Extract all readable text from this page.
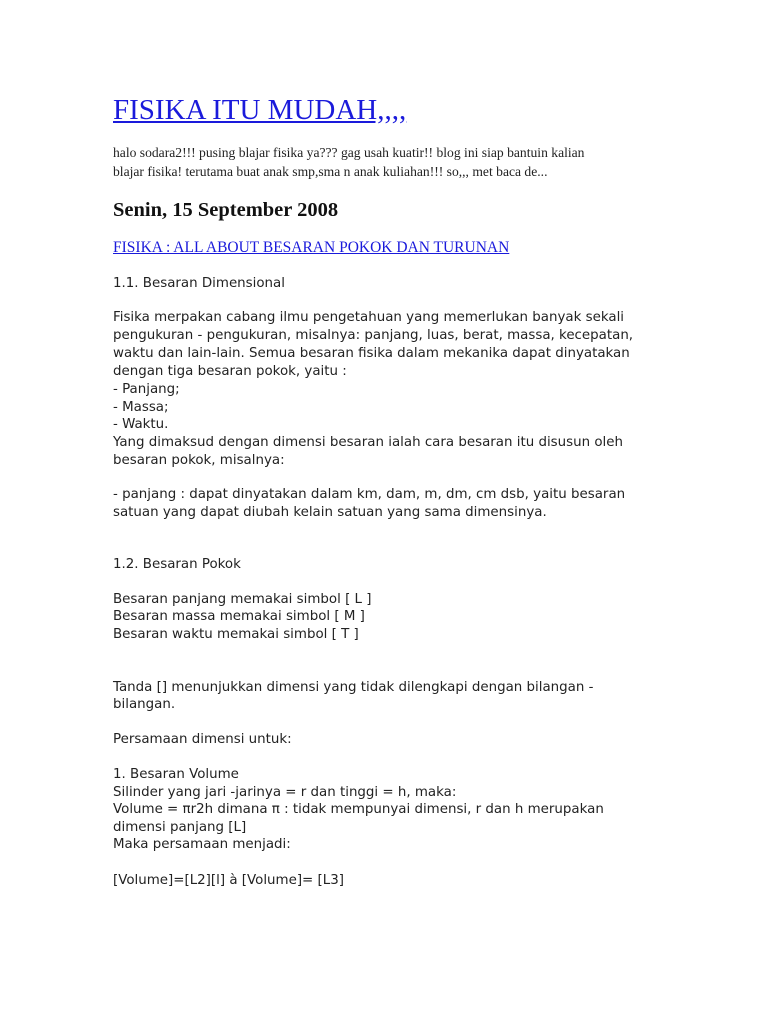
FISIKA ITU MUDAH,,,,
halo sodara2!!! pusing blajar fisika ya??? gag usah kuatir!! blog ini siap bantuin kalian
blajar fisika! terutama buat anak smp,sma n anak kuliahan!!! so,,, met baca de...
Senin, 15 September 2008
FISIKA : ALL ABOUT BESARAN POKOK DAN TURUNAN

1.1. Besaran Dimensional

Fisika merpakan cabang ilmu pengetahuan yang memerlukan banyak sekali

pengukuran - pengukuran, misalnya: panjang, luas, berat, massa, kecepatan,

waktu dan lain-lain. Semua besaran fisika dalam mekanika dapat dinyatakan

dengan tiga besaran pokok, yaitu :

- Panjang;

- Massa;

- Waktu.

Yang dimaksud dengan dimensi besaran ialah cara besaran itu disusun oleh

besaran pokok, misalnya:

- panjang : dapat dinyatakan dalam km, dam, m, dm, cm dsb, yaitu besaran

satuan yang dapat diubah kelain satuan yang sama dimensinya.

1.2. Besaran Pokok

Besaran panjang memakai simbol [ L ]

Besaran massa memakai simbol [ M ]

Besaran waktu memakai simbol [ T ]

Tanda [] menunjukkan dimensi yang tidak dilengkapi dengan bilangan -

bilangan.

Persamaan dimensi untuk:

1. Besaran Volume

Silinder yang jari -jarinya = r dan tinggi = h, maka:

Volume = πr2h dimana π : tidak mempunyai dimensi, r dan h merupakan

dimensi panjang [L]

Maka persamaan menjadi:

[Volume]=[L2][l] à [Volume]= [L3]
